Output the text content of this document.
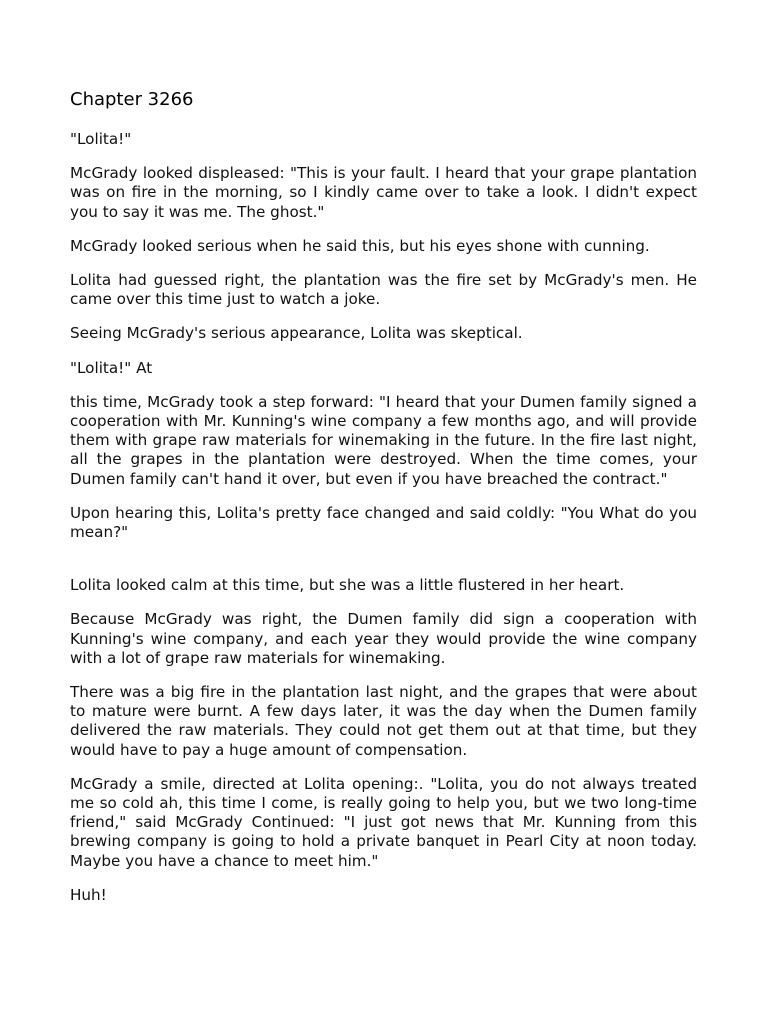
Chapter 3266

"Lolita!"

McGrady looked displeased: "This is your fault. I heard that your grape plantation was on fire in the morning, so I kindly came over to take a look. I didn't expect you to say it was me. The ghost."

McGrady looked serious when he said this, but his eyes shone with cunning.

Lolita had guessed right, the plantation was the fire set by McGrady's men. He came over this time just to watch a joke.

Seeing McGrady's serious appearance, Lolita was skeptical.

"Lolita!" At

this time, McGrady took a step forward: "I heard that your Dumen family signed a cooperation with Mr. Kunning's wine company a few months ago, and will provide them with grape raw materials for winemaking in the future. In the fire last night, all the grapes in the plantation were destroyed. When the time comes, your Dumen family can't hand it over, but even if you have breached the contract."

Upon hearing this, Lolita's pretty face changed and said coldly: "You What do you mean?"

Lolita looked calm at this time, but she was a little flustered in her heart.

Because McGrady was right, the Dumen family did sign a cooperation with Kunning's wine company, and each year they would provide the wine company with a lot of grape raw materials for winemaking.

There was a big fire in the plantation last night, and the grapes that were about to mature were burnt. A few days later, it was the day when the Dumen family delivered the raw materials. They could not get them out at that time, but they would have to pay a huge amount of compensation.

McGrady a smile, directed at Lolita opening:. "Lolita, you do not always treated me so cold ah, this time I come, is really going to help you, but we two long-time friend," said McGrady Continued: "I just got news that Mr. Kunning from this brewing company is going to hold a private banquet in Pearl City at noon today. Maybe you have a chance to meet him."

Huh!
